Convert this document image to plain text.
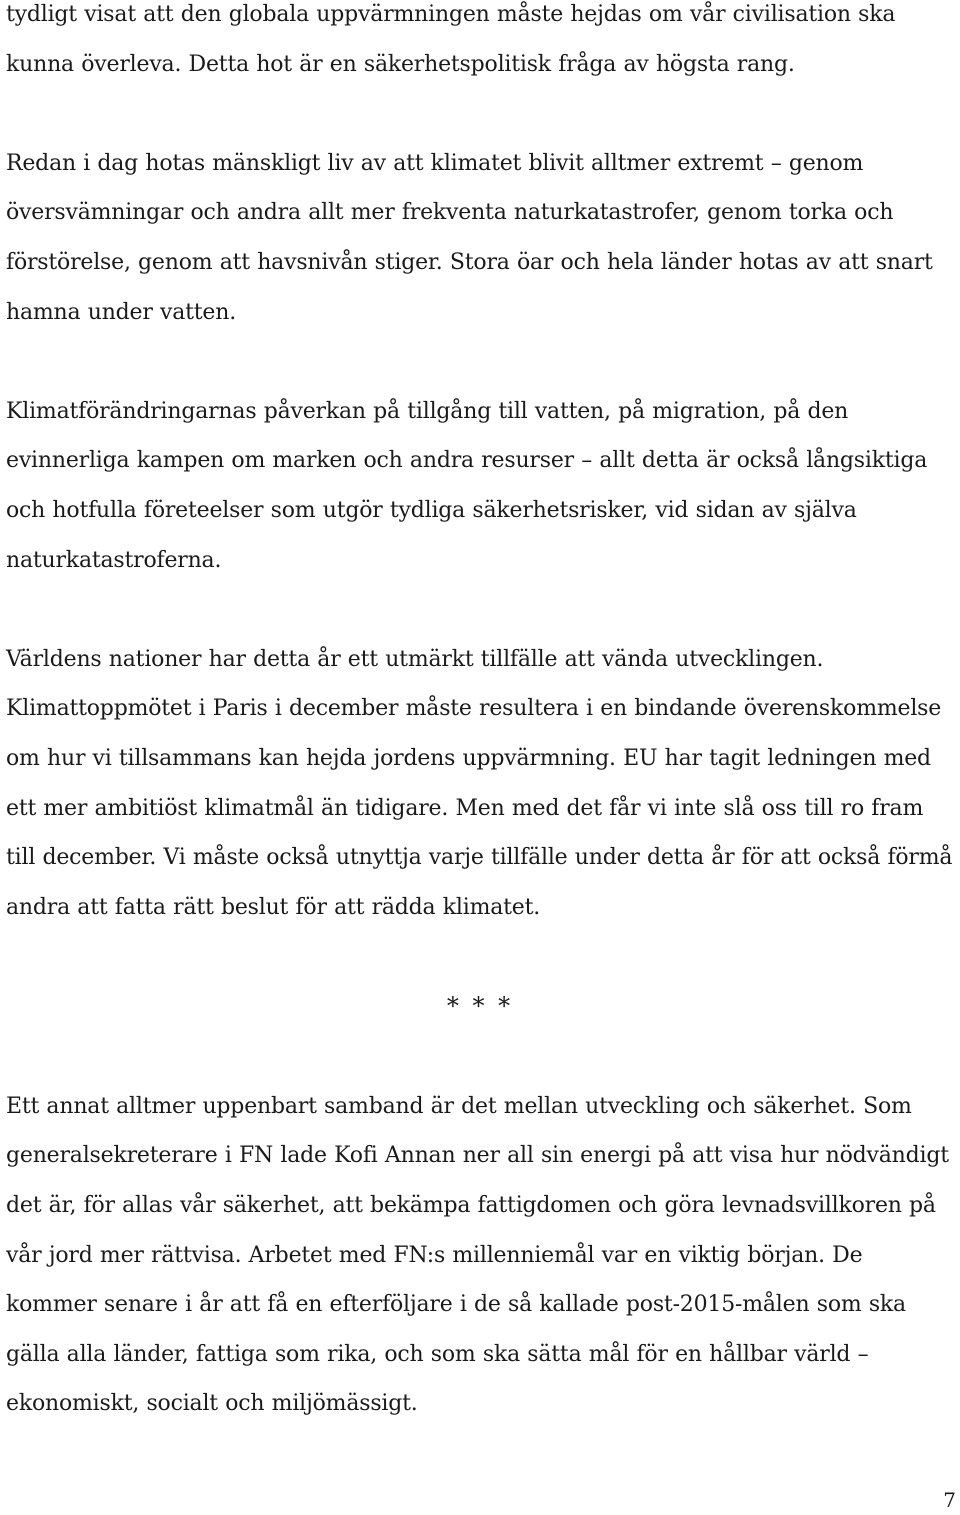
tydligt visat att den globala uppvärmningen måste hejdas om vår civilisation ska kunna överleva. Detta hot är en säkerhetspolitisk fråga av högsta rang.

Redan i dag hotas mänskligt liv av att klimatet blivit alltmer extremt – genom översvämningar och andra allt mer frekventa naturkatastrofer, genom torka och förstörelse, genom att havsnivån stiger. Stora öar och hela länder hotas av att snart hamna under vatten.

Klimatförändringarnas påverkan på tillgång till vatten, på migration, på den evinnerliga kampen om marken och andra resurser – allt detta är också långsiktiga och hotfulla företeelser som utgör tydliga säkerhetsrisker, vid sidan av själva naturkatastroferna.

Världens nationer har detta år ett utmärkt tillfälle att vända utvecklingen. Klimattoppmötet i Paris i december måste resultera i en bindande överenskommelse om hur vi tillsammans kan hejda jordens uppvärmning. EU har tagit ledningen med ett mer ambitiöst klimatmål än tidigare. Men med det får vi inte slå oss till ro fram till december. Vi måste också utnyttja varje tillfälle under detta år för att också förmå andra att fatta rätt beslut för att rädda klimatet.

* * *

Ett annat alltmer uppenbart samband är det mellan utveckling och säkerhet. Som generalsekreterare i FN lade Kofi Annan ner all sin energi på att visa hur nödvändigt det är, för allas vår säkerhet, att bekämpa fattigdomen och göra levnadsvillkoren på vår jord mer rättvisa. Arbetet med FN:s millenniemål var en viktig början. De kommer senare i år att få en efterföljare i de så kallade post-2015-målen som ska gälla alla länder, fattiga som rika, och som ska sätta mål för en hållbar värld – ekonomiskt, socialt och miljömässigt.

7
